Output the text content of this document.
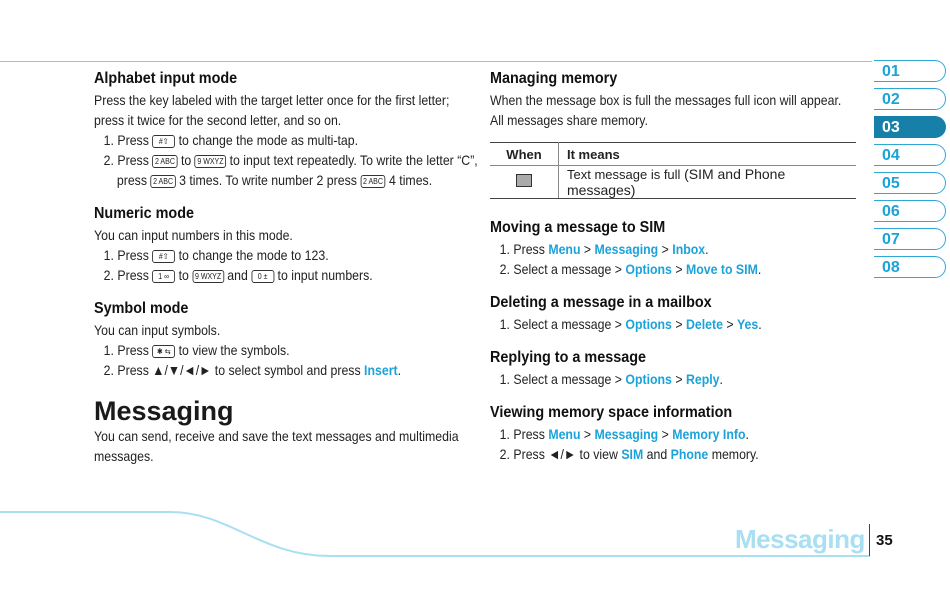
Alphabet input mode

Press the key labeled with the target letter once for the first letter; press it twice for the second letter, and so on.

1. Press #⇧ to change the mode as multi-tap.
2. Press 2 ABC to 9 WXYZ to input text repeatedly. To write the letter “C”, press 2 ABC 3 times. To write number 2 press 2 ABC 4 times.
Numeric mode

You can input numbers in this mode.

1. Press #⇧ to change the mode to 123.
2. Press 1 ∞ to 9 WXYZ and 0 ± to input numbers.
Symbol mode

You can input symbols.

1. Press ✱ ⇆ to view the symbols.
2. Press ▲/▼/◄/► to select symbol and press Insert.
Messaging

You can send, receive and save the text messages and multimedia messages.

Managing memory

When the message box is full the messages full icon will appear. All messages share memory.

When	It means
	Text message is full (SIM and Phone messages)
Moving a message to SIM
1. Press Menu > Messaging > Inbox.
2. Select a message > Options > Move to SIM.
Deleting a message in a mailbox
1. Select a message > Options > Delete > Yes.
Replying to a message
1. Select a message > Options > Reply.
Viewing memory space information
1. Press Menu > Messaging > Memory Info.
2. Press ◄/► to view SIM and Phone memory.
01
02
03
04
05
06
07
08
Messaging 35
